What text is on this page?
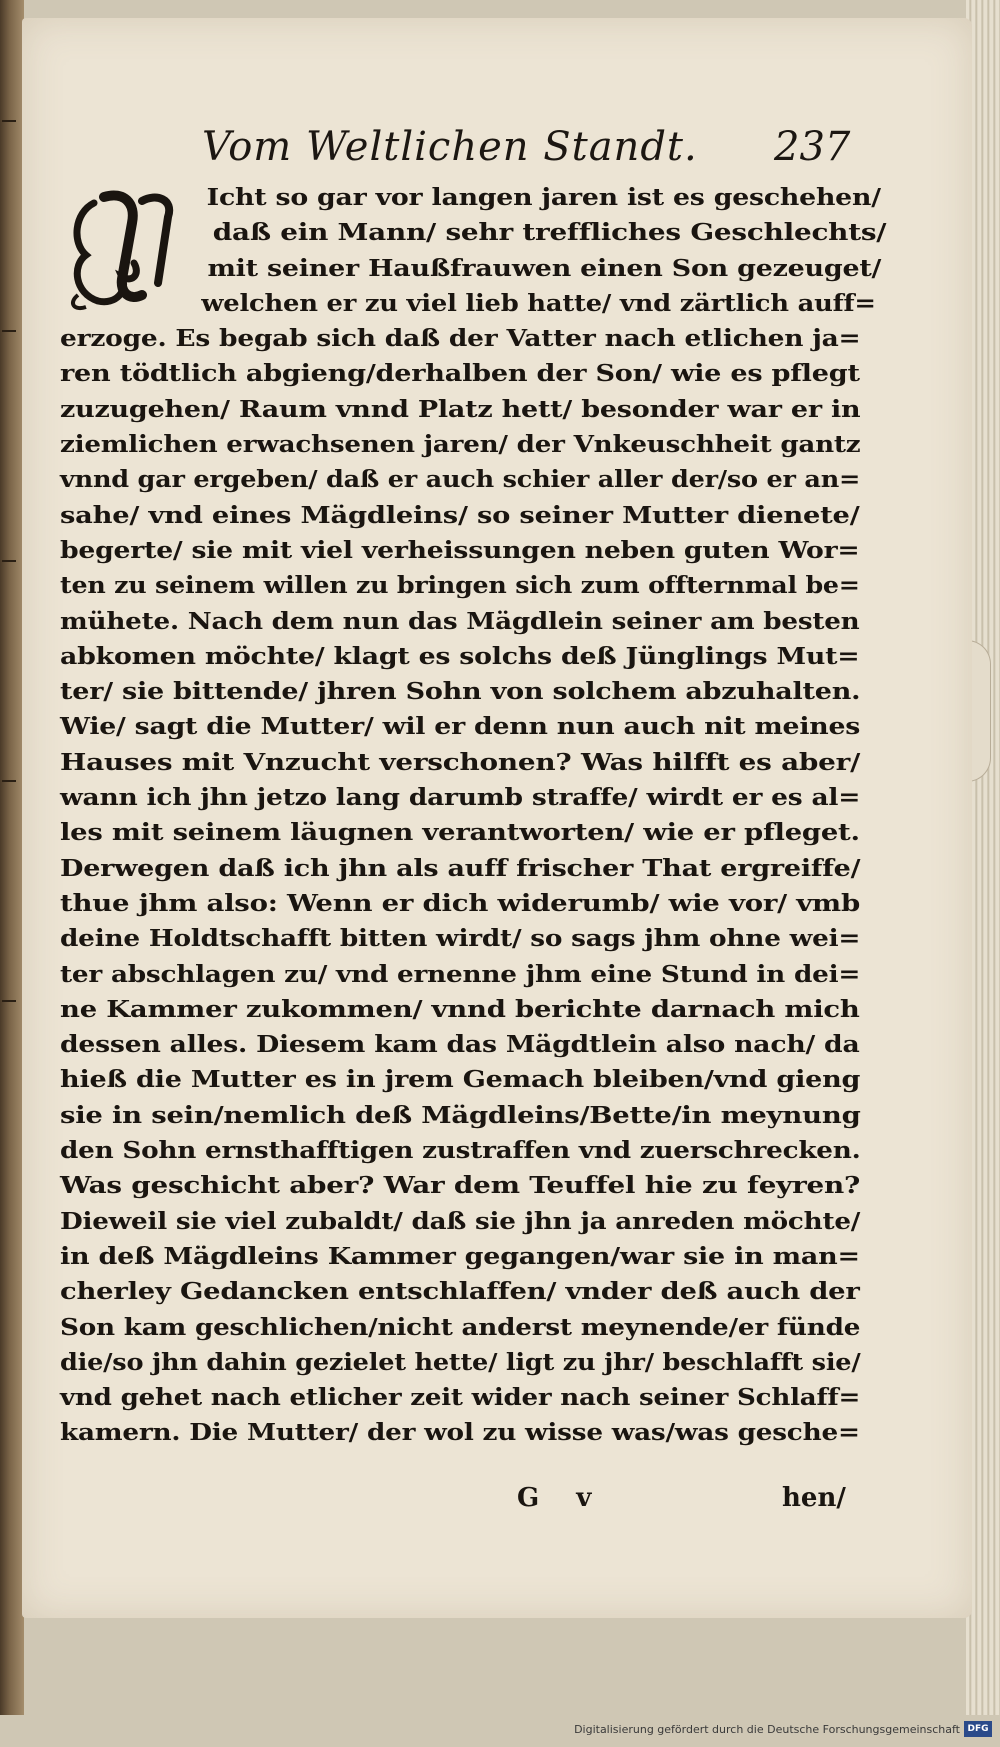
Vom Weltlichen Standt. 237
Icht so gar vor langen jaren ist es geschehen/
daß ein Mann/ sehr treffliches Geschlechts/
mit seiner Haußfrauwen einen Son gezeuget/
welchen er zu viel lieb hatte/ vnd zärtlich auff=
erzoge. Es begab sich daß der Vatter nach etlichen ja=
ren tödtlich abgieng/derhalben der Son/ wie es pflegt
zuzugehen/ Raum vnnd Platz hett/ besonder war er in
ziemlichen erwachsenen jaren/ der Vnkeuschheit gantz
vnnd gar ergeben/ daß er auch schier aller der/so er an=
sahe/ vnd eines Mägdleins/ so seiner Mutter dienete/
begerte/ sie mit viel verheissungen neben guten Wor=
ten zu seinem willen zu bringen sich zum offternmal be=
mühete. Nach dem nun das Mägdlein seiner am besten
abkomen möchte/ klagt es solchs deß Jünglings Mut=
ter/ sie bittende/ jhren Sohn von solchem abzuhalten.
Wie/ sagt die Mutter/ wil er denn nun auch nit meines
Hauses mit Vnzucht verschonen? Was hilfft es aber/
wann ich jhn jetzo lang darumb straffe/ wirdt er es al=
les mit seinem läugnen verantworten/ wie er pfleget.
Derwegen daß ich jhn als auff frischer That ergreiffe/
thue jhm also: Wenn er dich widerumb/ wie vor/ vmb
deine Holdtschafft bitten wirdt/ so sags jhm ohne wei=
ter abschlagen zu/ vnd ernenne jhm eine Stund in dei=
ne Kammer zukommen/ vnnd berichte darnach mich
dessen alles. Diesem kam das Mägdtlein also nach/ da
hieß die Mutter es in jrem Gemach bleiben/vnd gieng
sie in sein/nemlich deß Mägdleins/Bette/in meynung
den Sohn ernsthafftigen zustraffen vnd zuerschrecken.
Was geschicht aber? War dem Teuffel hie zu feyren?
Dieweil sie viel zubaldt/ daß sie jhn ja anreden möchte/
in deß Mägdleins Kammer gegangen/war sie in man=
cherley Gedancken entschlaffen/ vnder deß auch der
Son kam geschlichen/nicht anderst meynende/er fünde
die/so jhn dahin gezielet hette/ ligt zu jhr/ beschlafft sie/
vnd gehet nach etlicher zeit wider nach seiner Schlaff=
kamern. Die Mutter/ der wol zu wisse was/was gesche=
G v	hen/
Digitalisierung gefördert durch die Deutsche Forschungsgemeinschaft DFG
